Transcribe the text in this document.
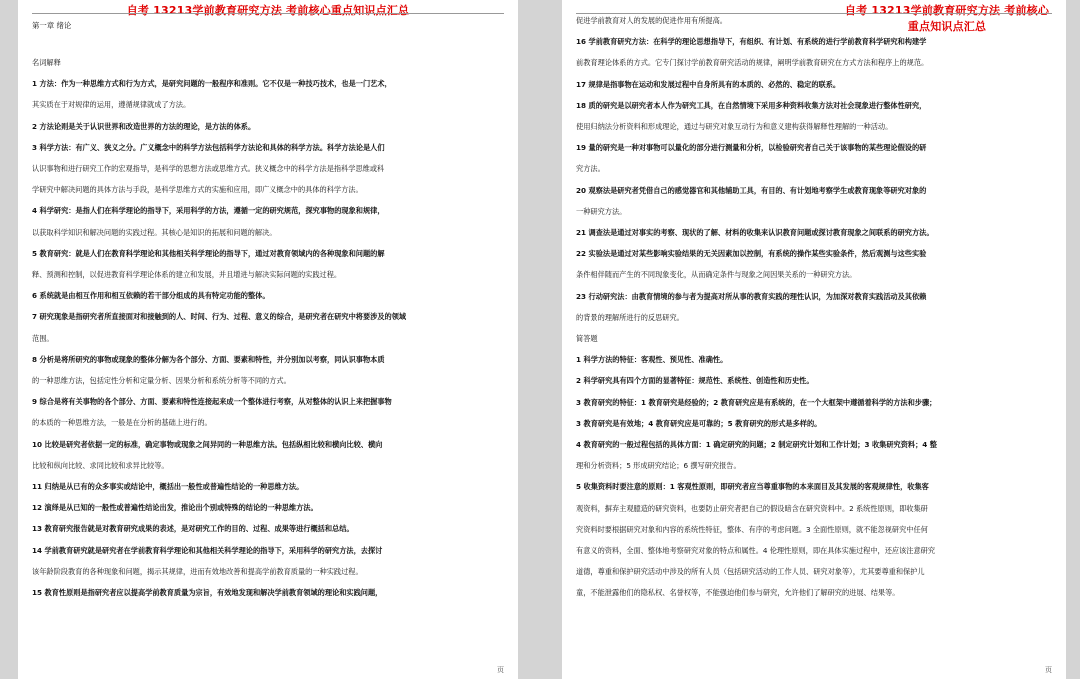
自考 13213学前教育研究方法 考前核心重点知识点汇总
第一章 绪论
名词解释
1 方法：作为一种思维方式和行为方式，是研究问题的一般程序和准则。它不仅是一种技巧技术，也是一门艺术，
其实质在于对规律的运用，遵循规律就成了方法。
2 方法论则是关于认识世界和改造世界的方法的理论，是方法的体系。
3 科学方法：有广义、狭义之分。广义概念中的科学方法包括科学方法论和具体的科学方法。科学方法论是人们
认识事物和进行研究工作的宏观指导，是科学的思想方法或思维方式。狭义概念中的科学方法是指科学思维或科
学研究中解决问题的具体方法与手段，是科学思维方式的实施和应用，即广义概念中的具体的科学方法。
4 科学研究：是指人们在科学理论的指导下，采用科学的方法，遵循一定的研究规范，探究事物的现象和规律，
以获取科学知识和解决问题的实践过程。其核心是知识的拓展和问题的解决。
5 教育研究：就是人们在教育科学理论和其他相关科学理论的指导下，通过对教育领域内的各种现象和问题的解
释、预测和控制，以促进教育科学理论体系的建立和发展，并且增进与解决实际问题的实践过程。
6 系统就是由相互作用和相互依赖的若干部分组成的具有特定功能的整体。
7 研究现象是指研究者所直接面对和接触到的人、时间、行为、过程、意义的综合，是研究者在研究中将要涉及的领域
范围。
8 分析是将所研究的事物或现象的整体分解为各个部分、方面、要素和特性，并分别加以考察，同认识事物本质
的一种思维方法，包括定性分析和定量分析、因果分析和系统分析等不同的方式。
9 综合是将有关事物的各个部分、方面、要素和特性连接起来成一个整体进行考察，从对整体的认识上来把握事物
的本质的一种思维方法，一般是在分析的基础上进行的。
10 比较是研究者依据一定的标准，确定事物或现象之间异同的一种思维方法。包括纵相比较和横向比较、横向
比较和纵向比较、求同比较和求异比较等。
11 归纳是从已有的众多事实或结论中，概括出一般性或普遍性结论的一种思维方法。
12 演绎是从已知的一般性或普遍性结论出发，推论出个别或特殊的结论的一种思维方法。
13 教育研究报告就是对教育研究成果的表述，是对研究工作的目的、过程、成果等进行概括和总结。
14 学前教育研究就是研究者在学前教育科学理论和其他相关科学理论的指导下，采用科学的研究方法，去探讨
该年龄阶段教育的各种现象和问题，揭示其规律，进而有效地改善和提高学前教育质量的一种实践过程。
15 教育性原则是指研究者应以提高学前教育质量为宗旨，有效地发现和解决学前教育领域的理论和实践问题，
页
自考 13213学前教育研究方法 考前核心重点知识点汇总
促进学前教育对人的发展的促进作用有所提高。
16 学前教育研究方法：在科学的理论思想指导下，有组织、有计划、有系统的进行学前教育科学研究和构建学
前教育理论体系的方式。它专门探讨学前教育研究活动的规律，阐明学前教育研究在方式方法和程序上的规范。
17 规律是指事物在运动和发展过程中自身所具有的本质的、必然的、稳定的联系。
18 质的研究是以研究者本人作为研究工具，在自然情境下采用多种资料收集方法对社会现象进行整体性研究，
使用归纳法分析资料和形成理论，通过与研究对象互动行为和意义建构获得解释性理解的一种活动。
19 量的研究是一种对事物可以量化的部分进行测量和分析，以检验研究者自己关于该事物的某些理论假设的研
究方法。
20 观察法是研究者凭借自己的感觉器官和其他辅助工具，有目的、有计划地考察学生或教育现象等研究对象的
一种研究方法。
21 调查法是通过对事实的考察、现状的了解、材料的收集来认识教育问题或探讨教育现象之间联系的研究方法。
22 实验法是通过对某些影响实验结果的无关因素加以控制，有系统的操作某些实验条件，然后观测与这些实验
条件相伴随而产生的不同现象变化，从而确定条件与现象之间因果关系的一种研究方法。
23 行动研究法：由教育情境的参与者为提高对所从事的教育实践的理性认识，为加深对教育实践活动及其依赖
的背景的理解所进行的反思研究。
简答题
1 科学方法的特征：客观性、预见性、准确性。
2 科学研究具有四个方面的显著特征：规范性、系统性、创造性和历史性。
3 教育研究的特征：1 教育研究是经验的；2 教育研究应是有系统的，在一个大框架中遵循着科学的方法和步骤；
3 教育研究是有效地；4 教育研究应是可靠的；5 教育研究的形式是多样的。
4 教育研究的一般过程包括的具体方面：1 确定研究的问题；2 制定研究计划和工作计划；3 收集研究资料；4 整
理和分析资料；5 形成研究结论；6 撰写研究报告。
5 收集资料时要注意的原则：1 客观性原则，即研究者应当尊重事物的本来面目及其发展的客观规律性，收集客
观资料，摒弃主观臆造的研究资料，也要防止研究者把自己的假设暗含在研究资料中。2 系统性原则，即收集研
究资料时要根据研究对象和内容的系统性特征，整体、有序的考虑问题。3 全面性原则，就不能忽视研究中任何
有意义的资料，全面、整体地考察研究对象的特点和属性。4 伦理性原则，即在具体实施过程中，还应该注意研究
道德，尊重和保护研究活动中涉及的所有人员（包括研究活动的工作人员、研究对象等），尤其要尊重和保护儿
童，不能泄露他们的隐私权、名誉权等，不能强迫他们参与研究，允许他们了解研究的进展、结果等。
页
